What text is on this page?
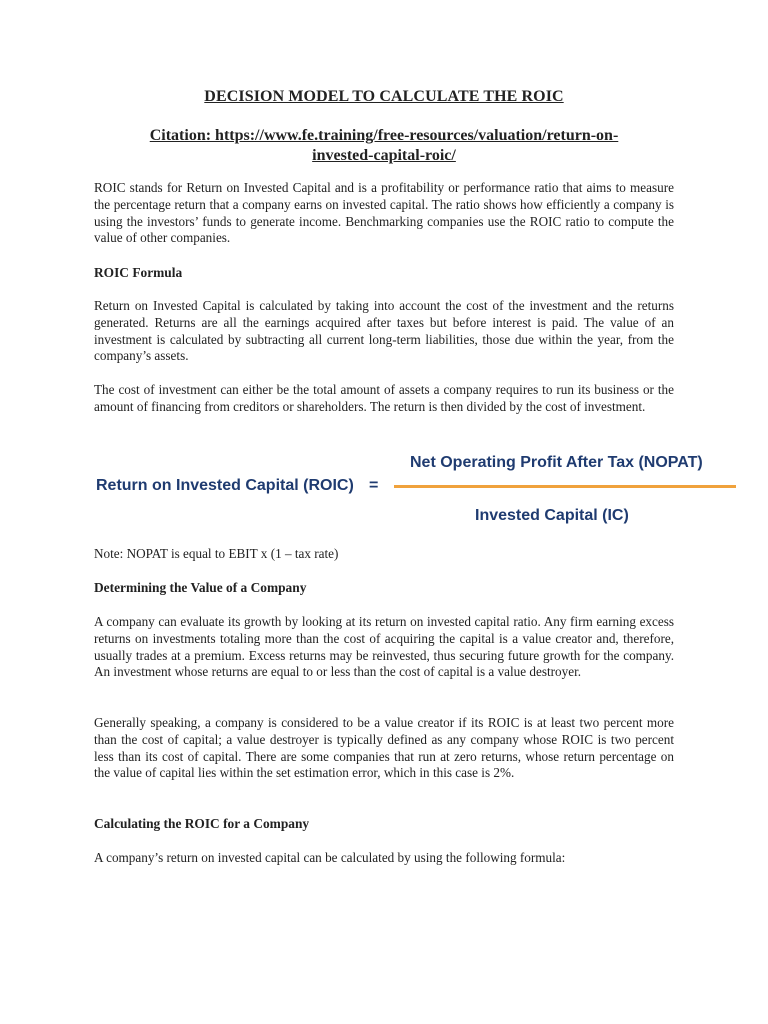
DECISION MODEL TO CALCULATE THE ROIC
Citation: https://www.fe.training/free-resources/valuation/return-on-
invested-capital-roic/

ROIC stands for Return on Invested Capital and is a profitability or performance ratio that aims to measure the percentage return that a company earns on invested capital. The ratio shows how efficiently a company is using the investors’ funds to generate income. Benchmarking companies use the ROIC ratio to compute the value of other companies.

ROIC Formula

Return on Invested Capital is calculated by taking into account the cost of the investment and the returns generated. Returns are all the earnings acquired after taxes but before interest is paid. The value of an investment is calculated by subtracting all current long-term liabilities, those due within the year, from the company’s assets.

The cost of investment can either be the total amount of assets a company requires to run its business or the amount of financing from creditors or shareholders. The return is then divided by the cost of investment.

Return on Invested Capital (ROIC) =
Net Operating Profit After Tax (NOPAT)
Invested Capital (IC)

Note: NOPAT is equal to EBIT x (1 – tax rate)

Determining the Value of a Company

A company can evaluate its growth by looking at its return on invested capital ratio. Any firm earning excess returns on investments totaling more than the cost of acquiring the capital is a value creator and, therefore, usually trades at a premium. Excess returns may be reinvested, thus securing future growth for the company. An investment whose returns are equal to or less than the cost of capital is a value destroyer.

Generally speaking, a company is considered to be a value creator if its ROIC is at least two percent more than the cost of capital; a value destroyer is typically defined as any company whose ROIC is two percent less than its cost of capital. There are some companies that run at zero returns, whose return percentage on the value of capital lies within the set estimation error, which in this case is 2%.

Calculating the ROIC for a Company

A company’s return on invested capital can be calculated by using the following formula:
